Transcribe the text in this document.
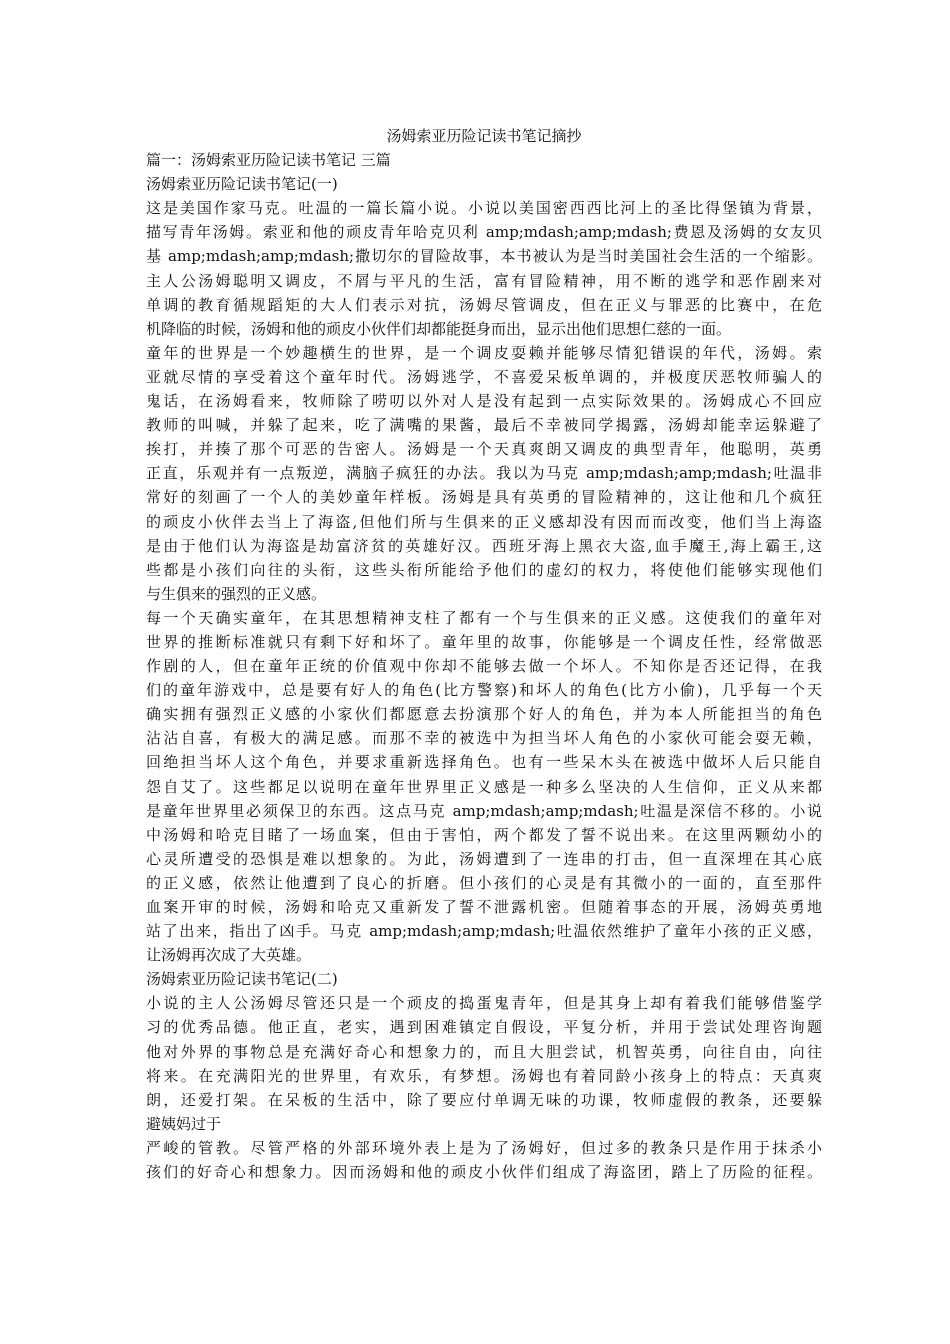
汤姆索亚历险记读书笔记摘抄

篇一：汤姆索亚历险记读书笔记 三篇

汤姆索亚历险记读书笔记(一)

这是美国作家马克。吐温的一篇长篇小说。小说以美国密西西比河上的圣比得堡镇为背景，

描写青年汤姆。索亚和他的顽皮青年哈克贝利 amp;mdash;amp;mdash;费恩及汤姆的女友贝

基 amp;mdash;amp;mdash;撒切尔的冒险故事，本书被认为是当时美国社会生活的一个缩影。

主人公汤姆聪明又调皮，不屑与平凡的生活，富有冒险精神，用不断的逃学和恶作剧来对

单调的教育循规蹈矩的大人们表示对抗，汤姆尽管调皮，但在正义与罪恶的比赛中，在危

机降临的时候，汤姆和他的顽皮小伙伴们却都能挺身而出，显示出他们思想仁慈的一面。

童年的世界是一个妙趣横生的世界，是一个调皮耍赖并能够尽情犯错误的年代，汤姆。索

亚就尽情的享受着这个童年时代。汤姆逃学，不喜爱呆板单调的，并极度厌恶牧师骗人的

鬼话，在汤姆看来，牧师除了唠叨以外对人是没有起到一点实际效果的。汤姆成心不回应

教师的叫喊，并躲了起来，吃了满嘴的果酱，最后不幸被同学揭露，汤姆却能幸运躲避了

挨打，并揍了那个可恶的告密人。汤姆是一个天真爽朗又调皮的典型青年，他聪明，英勇

正直，乐观并有一点叛逆，满脑子疯狂的办法。我以为马克 amp;mdash;amp;mdash;吐温非

常好的刻画了一个人的美妙童年样板。汤姆是具有英勇的冒险精神的，这让他和几个疯狂

的顽皮小伙伴去当上了海盗,但他们所与生俱来的正义感却没有因而而改变，他们当上海盗

是由于他们认为海盗是劫富济贫的英雄好汉。西班牙海上黑衣大盗,血手魔王,海上霸王,这

些都是小孩们向往的头衔，这些头衔所能给予他们的虚幻的权力，将使他们能够实现他们

与生俱来的强烈的正义感。

每一个天确实童年，在其思想精神支柱了都有一个与生俱来的正义感。这使我们的童年对

世界的推断标准就只有剩下好和坏了。童年里的故事，你能够是一个调皮任性，经常做恶

作剧的人，但在童年正统的价值观中你却不能够去做一个坏人。不知你是否还记得，在我

们的童年游戏中，总是要有好人的角色(比方警察)和坏人的角色(比方小偷)，几乎每一个天

确实拥有强烈正义感的小家伙们都愿意去扮演那个好人的角色，并为本人所能担当的角色

沾沾自喜，有极大的满足感。而那不幸的被选中为担当坏人角色的小家伙可能会耍无赖，

回绝担当坏人这个角色，并要求重新选择角色。也有一些呆木头在被选中做坏人后只能自

怨自艾了。这些都足以说明在童年世界里正义感是一种多么坚决的人生信仰，正义从来都

是童年世界里必须保卫的东西。这点马克 amp;mdash;amp;mdash;吐温是深信不移的。小说

中汤姆和哈克目睹了一场血案，但由于害怕，两个都发了誓不说出来。在这里两颗幼小的

心灵所遭受的恐惧是难以想象的。为此，汤姆遭到了一连串的打击，但一直深埋在其心底

的正义感，依然让他遭到了良心的折磨。但小孩们的心灵是有其微小的一面的，直至那件

血案开审的时候，汤姆和哈克又重新发了誓不泄露机密。但随着事态的开展，汤姆英勇地

站了出来，指出了凶手。马克 amp;mdash;amp;mdash;吐温依然维护了童年小孩的正义感，

让汤姆再次成了大英雄。

汤姆索亚历险记读书笔记(二)

小说的主人公汤姆尽管还只是一个顽皮的捣蛋鬼青年，但是其身上却有着我们能够借鉴学

习的优秀品德。他正直，老实，遇到困难镇定自假设，平复分析，并用于尝试处理咨询题

他对外界的事物总是充满好奇心和想象力的，而且大胆尝试，机智英勇，向往自由，向往

将来。在充满阳光的世界里，有欢乐，有梦想。汤姆也有着同龄小孩身上的特点：天真爽

朗，还爱打架。在呆板的生活中，除了要应付单调无味的功课，牧师虚假的教条，还要躲

避姨妈过于

严峻的管教。尽管严格的外部环境外表上是为了汤姆好，但过多的教条只是作用于抹杀小

孩们的好奇心和想象力。因而汤姆和他的顽皮小伙伴们组成了海盗团，踏上了历险的征程。
